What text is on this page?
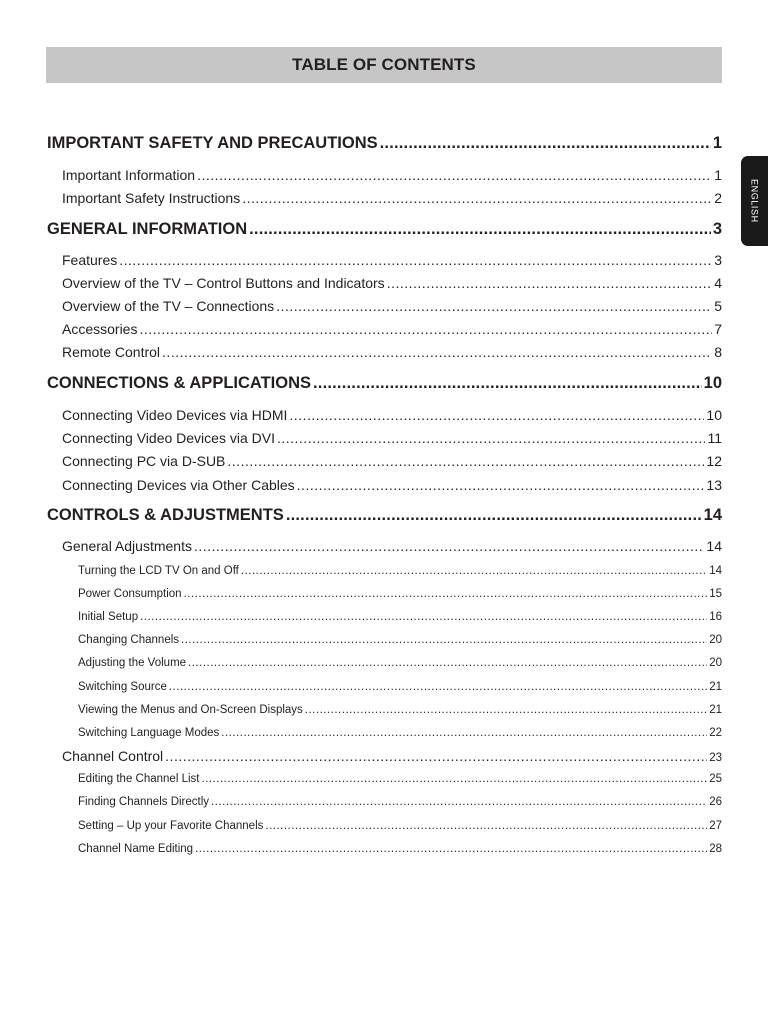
TABLE OF CONTENTS
ENGLISH
IMPORTANT SAFETY AND PRECAUTIONS .....	1
Important Information .....	1
Important Safety Instructions .....	2
GENERAL INFORMATION .....	3
Features .....	3
Overview of the TV – Control Buttons and Indicators .....	4
Overview of the TV – Connections .....	5
Accessories .....	7
Remote Control .....	8
CONNECTIONS & APPLICATIONS .....	10
Connecting Video Devices via HDMI .....	10
Connecting Video Devices via DVI .....	11
Connecting PC via D-SUB .....	12
Connecting Devices via Other Cables .....	13
CONTROLS & ADJUSTMENTS .....	14
General Adjustments .....	14
Turning the LCD TV On and Off .....	14
Power Consumption .....	15
Initial Setup .....	16
Changing Channels .....	20
Adjusting the Volume .....	20
Switching Source .....	21
Viewing the Menus and On-Screen Displays .....	21
Switching Language Modes .....	22
Channel Control .....	23
Editing the Channel List .....	25
Finding Channels Directly .....	26
Setting – Up your Favorite Channels .....	27
Channel Name Editing .....	28
